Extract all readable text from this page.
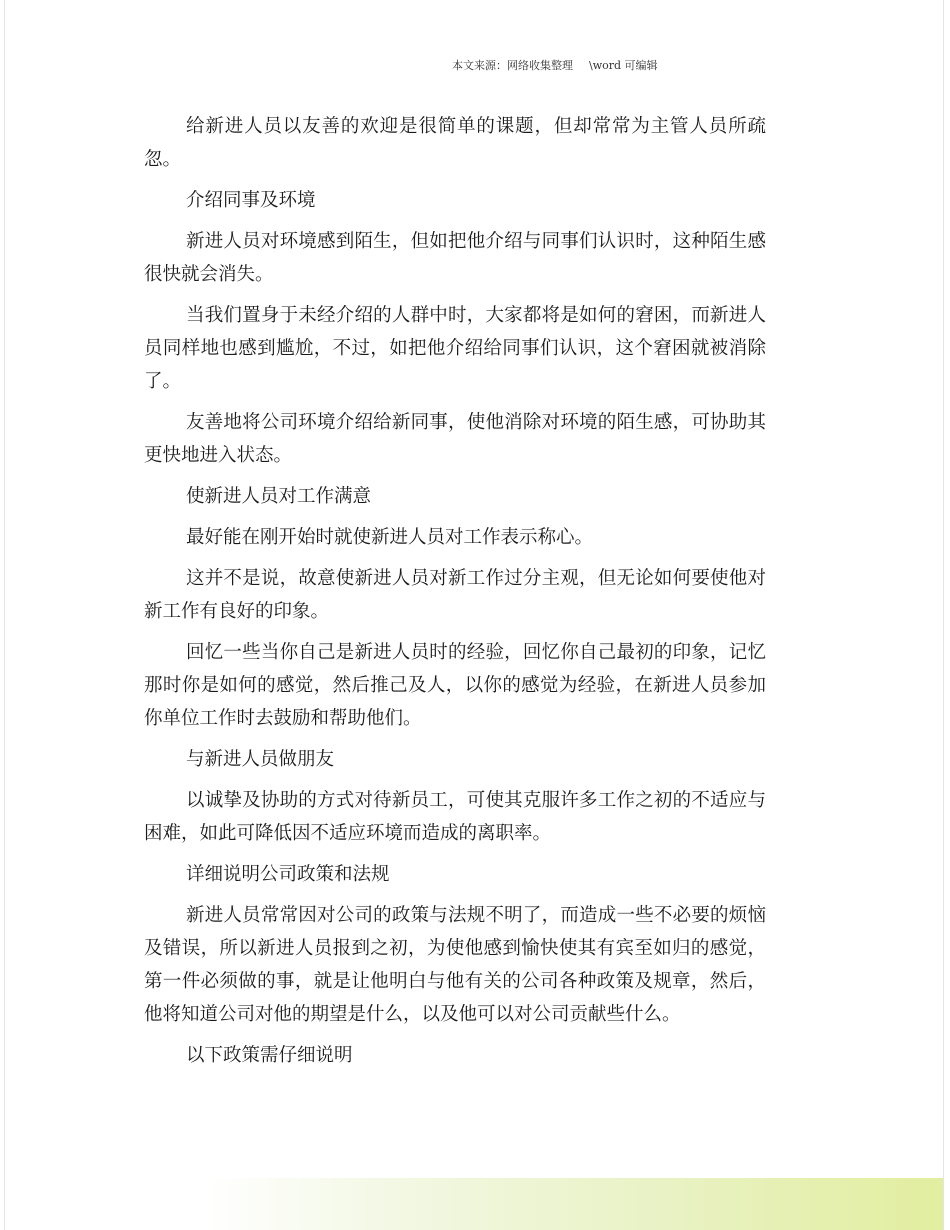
本文来源：网络收集整理 \word 可编辑

给新进人员以友善的欢迎是很简单的课题，但却常常为主管人员所疏忽。

介绍同事及环境

新进人员对环境感到陌生，但如把他介绍与同事们认识时，这种陌生感很快就会消失。

当我们置身于未经介绍的人群中时，大家都将是如何的窘困，而新进人员同样地也感到尴尬，不过，如把他介绍给同事们认识，这个窘困就被消除了。

友善地将公司环境介绍给新同事，使他消除对环境的陌生感，可协助其更快地进入状态。

使新进人员对工作满意

最好能在刚开始时就使新进人员对工作表示称心。

这并不是说，故意使新进人员对新工作过分主观，但无论如何要使他对新工作有良好的印象。

回忆一些当你自己是新进人员时的经验，回忆你自己最初的印象，记忆那时你是如何的感觉，然后推己及人，以你的感觉为经验，在新进人员参加你单位工作时去鼓励和帮助他们。

与新进人员做朋友

以诚挚及协助的方式对待新员工，可使其克服许多工作之初的不适应与困难，如此可降低因不适应环境而造成的离职率。

详细说明公司政策和法规

新进人员常常因对公司的政策与法规不明了，而造成一些不必要的烦恼及错误，所以新进人员报到之初，为使他感到愉快使其有宾至如归的感觉，第一件必须做的事，就是让他明白与他有关的公司各种政策及规章，然后，他将知道公司对他的期望是什么，以及他可以对公司贡献些什么。

以下政策需仔细说明
